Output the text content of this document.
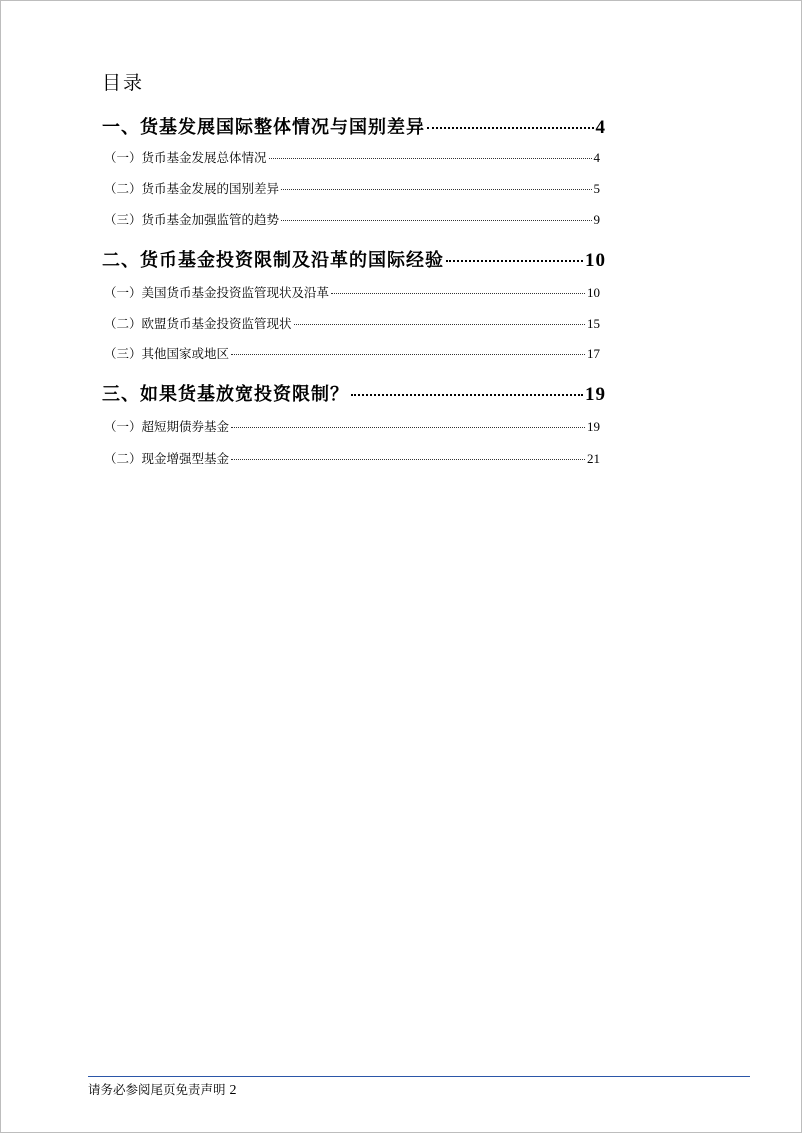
目录
一、货基发展国际整体情况与国别差异	4
（一）货币基金发展总体情况	4
（二）货币基金发展的国别差异	5
（三）货币基金加强监管的趋势	9
二、货币基金投资限制及沿革的国际经验	10
（一）美国货币基金投资监管现状及沿革	10
（二）欧盟货币基金投资监管现状	15
（三）其他国家或地区	17
三、如果货基放宽投资限制？	19
（一）超短期债券基金	19
（二）现金增强型基金	21
请务必参阅尾页免责声明 2
